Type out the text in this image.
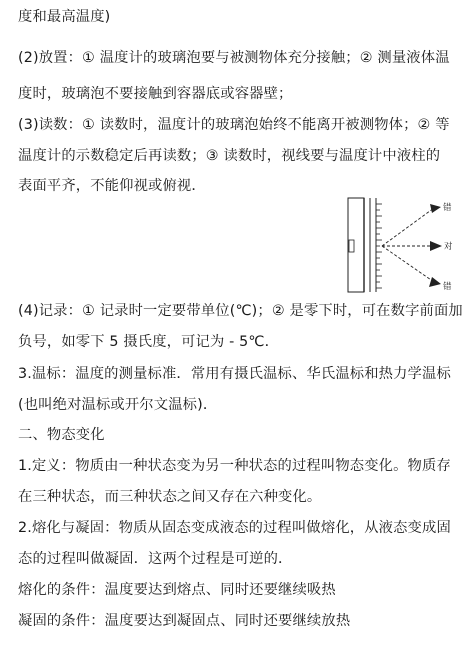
度和最高温度)
(2)放置：① 温度计的玻璃泡要与被测物体充分接触；② 测量液体温
度时，玻璃泡不要接触到容器底或容器壁；
(3)读数：① 读数时，温度计的玻璃泡始终不能离开被测物体；② 等
温度计的示数稳定后再读数；③ 读数时，视线要与温度计中液柱的
表面平齐，不能仰视或俯视．
错
对
错
(4)记录：① 记录时一定要带单位(℃)；② 是零下时，可在数字前面加
负号，如零下 5 摄氏度，可记为 - 5℃．
3.温标：温度的测量标准．常用有摄氏温标、华氏温标和热力学温标
(也叫绝对温标或开尔文温标)．
二、物态变化
1.定义：物质由一种状态变为另一种状态的过程叫物态变化。物质存
在三种状态，而三种状态之间又存在六种变化。
2.熔化与凝固：物质从固态变成液态的过程叫做熔化，从液态变成固
态的过程叫做凝固．这两个过程是可逆的．
熔化的条件：温度要达到熔点、同时还要继续吸热
凝固的条件：温度要达到凝固点、同时还要继续放热
